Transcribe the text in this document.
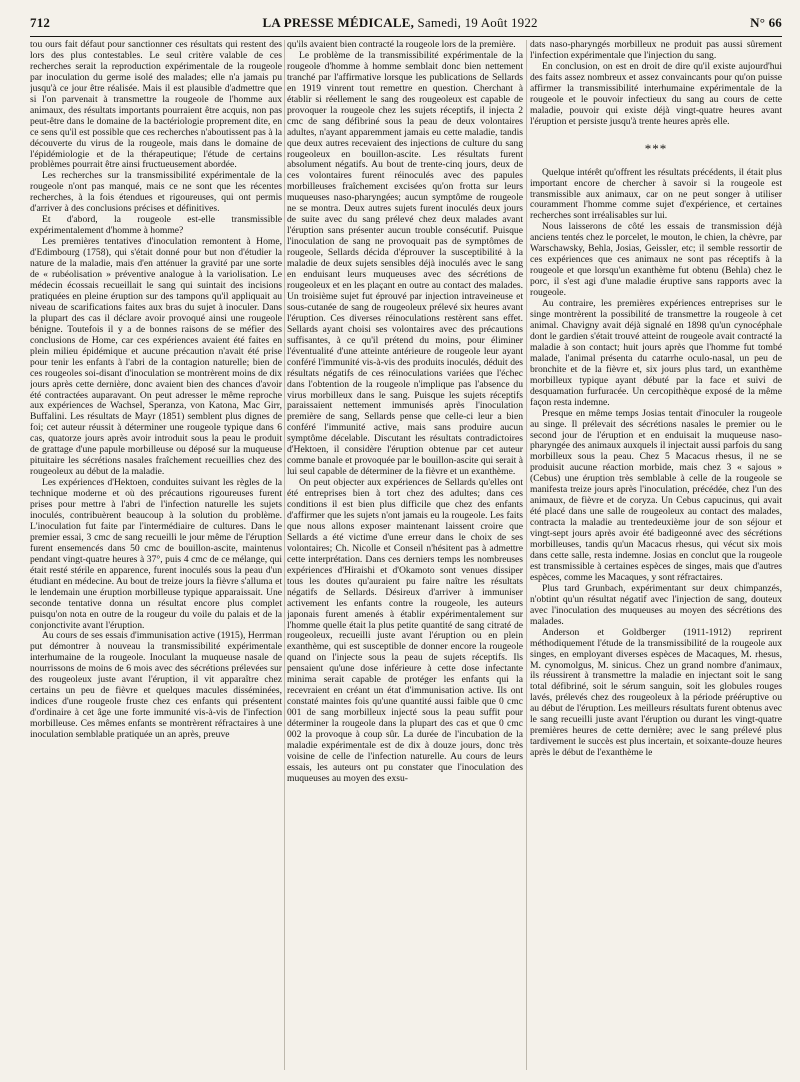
712	LA PRESSE MÉDICALE, Samedi, 19 Août 1922	N° 66

tou ours fait défaut pour sanctionner ces résultats qui restent des lors des plus contestables. Le seul critère valable de ces recherches serait la reproduction expérimentale de la rougeole par inoculation du germe isolé des malades; elle n'a jamais pu jusqu'à ce jour être réalisée. Mais il est plausible d'admettre que si l'on parvenait à transmettre la rougeole de l'homme aux animaux, des résultats importants pourraient être acquis, non pas peut-être dans le domaine de la bactériologie proprement dite, en ce sens qu'il est possible que ces recherches n'aboutissent pas à la découverte du virus de la rougeole, mais dans le domaine de l'épidémiologie et de la thérapeutique; l'étude de certains problèmes pourrait être ainsi fructueusement abordée.

Les recherches sur la transmissibilité expérimentale de la rougeole n'ont pas manqué, mais ce ne sont que les récentes recherches, à la fois étendues et rigoureuses, qui ont permis d'arriver à des conclusions précises et définitives.

Et d'abord, la rougeole est-elle transmissible expérimentalement d'homme à homme?

Les premières tentatives d'inoculation remontent à Home, d'Edimbourg (1758), qui s'était donné pour but non d'étudier la nature de la maladie, mais d'en atténuer la gravité par une sorte de « rubéolisation » préventive analogue à la variolisation. Le médecin écossais recueillait le sang qui suintait des incisions pratiquées en pleine éruption sur des tampons qu'il appliquait au niveau de scarifications faites aux bras du sujet à inoculer. Dans la plupart des cas il déclare avoir provoqué ainsi une rougeole bénigne. Toutefois il y a de bonnes raisons de se méfier des conclusions de Home, car ces expériences avaient été faites en plein milieu épidémique et aucune précaution n'avait été prise pour tenir les enfants à l'abri de la contagion naturelle; bien de ces rougeoles soi-disant d'inoculation se montrèrent moins de dix jours après cette dernière, donc avaient bien des chances d'avoir été contractées auparavant. On peut adresser le même reproche aux expériences de Wachsel, Speranza, von Katona, Mac Girr, Buffalini. Les résultats de Mayr (1851) semblent plus dignes de foi; cet auteur réussit à déterminer une rougeole typique dans 6 cas, quatorze jours après avoir introduit sous la peau le produit de grattage d'une papule morbilleuse ou déposé sur la muqueuse pituitaire les sécrétions nasales fraîchement recueillies chez des rougeoleux au début de la maladie.

Les expériences d'Hektoen, conduites suivant les règles de la technique moderne et où des précautions rigoureuses furent prises pour mettre à l'abri de l'infection naturelle les sujets inoculés, contribuèrent beaucoup à la solution du problème. L'inoculation fut faite par l'intermédiaire de cultures. Dans le premier essai, 3 cmc de sang recueilli le jour même de l'éruption furent ensemencés dans 50 cmc de bouillon-ascite, maintenus pendant vingt-quatre heures à 37°, puis 4 cmc de ce mélange, qui était resté stérile en apparence, furent inoculés sous la peau d'un étudiant en médecine. Au bout de treize jours la fièvre s'alluma et le lendemain une éruption morbilleuse typique apparaissait. Une seconde tentative donna un résultat encore plus complet puisqu'on nota en outre de la rougeur du voile du palais et de la conjonctivite avant l'éruption.

Au cours de ses essais d'immunisation active (1915), Herrman put démontrer à nouveau la transmissibilité expérimentale interhumaine de la rougeole. Inoculant la muqueuse nasale de nourrissons de moins de 6 mois avec des sécrétions prélevées sur des rougeoleux juste avant l'éruption, il vit apparaître chez certains un peu de fièvre et quelques macules disséminées, indices d'une rougeole fruste chez ces enfants qui présentent d'ordinaire à cet âge une forte immunité vis-à-vis de l'infection morbilleuse. Ces mêmes enfants se montrèrent réfractaires à une inoculation semblable pratiquée un an après, preuve

qu'ils avaient bien contracté la rougeole lors de la première.

Le problème de la transmissibilité expérimentale de la rougeole d'homme à homme semblait donc bien nettement tranché par l'affirmative lorsque les publications de Sellards en 1919 vinrent tout remettre en question. Cherchant à établir si réellement le sang des rougeoleux est capable de provoquer la rougeole chez les sujets réceptifs, il injecta 2 cmc de sang défibriné sous la peau de deux volontaires adultes, n'ayant apparemment jamais eu cette maladie, tandis que deux autres recevaient des injections de culture du sang rougeoleux en bouillon-ascite. Les résultats furent absolument négatifs. Au bout de trente-cinq jours, deux de ces volontaires furent réinoculés avec des papules morbilleuses fraîchement excisées qu'on frotta sur leurs muqueuses naso-pharyngées; aucun symptôme de rougeole ne se montra. Deux autres sujets furent inoculés deux jours de suite avec du sang prélevé chez deux malades avant l'éruption sans présenter aucun trouble consécutif. Puisque l'inoculation de sang ne provoquait pas de symptômes de rougeole, Sellards décida d'éprouver la susceptibilité à la maladie de deux sujets sensibles déjà inoculés avec le sang en enduisant leurs muqueuses avec des sécrétions de rougeoleux et en les plaçant en outre au contact des malades. Un troisième sujet fut éprouvé par injection intraveineuse et sous-cutanée de sang de rougeoleux prélevé six heures avant l'éruption. Ces diverses réinoculations restèrent sans effet. Sellards ayant choisi ses volontaires avec des précautions suffisantes, à ce qu'il prétend du moins, pour éliminer l'éventualité d'une atteinte antérieure de rougeole leur ayant conféré l'immunité vis-à-vis des produits inoculés, déduit des résultats négatifs de ces réinoculations variées que l'échec dans l'obtention de la rougeole n'implique pas l'absence du virus morbilleux dans le sang. Puisque les sujets réceptifs paraissaient nettement immunisés après l'inoculation première de sang, Sellards pense que celle-ci leur a bien conféré l'immunité active, mais sans produire aucun symptôme décelable. Discutant les résultats contradictoires d'Hektoen, il considère l'éruption obtenue par cet auteur comme banale et provoquée par le bouillon-ascite qui serait à lui seul capable de déterminer de la fièvre et un exanthème.

On peut objecter aux expériences de Sellards qu'elles ont été entreprises bien à tort chez des adultes; dans ces conditions il est bien plus difficile que chez des enfants d'affirmer que les sujets n'ont jamais eu la rougeole. Les faits que nous allons exposer maintenant laissent croire que Sellards a été victime d'une erreur dans le choix de ses volontaires; Ch. Nicolle et Conseil n'hésitent pas à admettre cette interprétation. Dans ces derniers temps les nombreuses expériences d'Hiraishi et d'Okamoto sont venues dissiper tous les doutes qu'auraient pu faire naître les résultats négatifs de Sellards. Désireux d'arriver à immuniser activement les enfants contre la rougeole, les auteurs japonais furent amenés à établir expérimentalement sur l'homme quelle était la plus petite quantité de sang citraté de rougeoleux, recueilli juste avant l'éruption ou en plein exanthème, qui est susceptible de donner encore la rougeole quand on l'injecte sous la peau de sujets réceptifs. Ils pensaient qu'une dose inférieure à cette dose infectante minima serait capable de protéger les enfants qui la recevraient en créant un état d'immunisation active. Ils ont constaté maintes fois qu'une quantité aussi faible que 0 cmc 001 de sang morbilleux injecté sous la peau suffit pour déterminer la rougeole dans la plupart des cas et que 0 cmc 002 la provoque à coup sûr. La durée de l'incubation de la maladie expérimentale est de dix à douze jours, donc très voisine de celle de l'infection naturelle. Au cours de leurs essais, les auteurs ont pu constater que l'inoculation des muqueuses au moyen des exsu-

dats naso-pharyngés morbilleux ne produit pas aussi sûrement l'infection expérimentale que l'injection du sang.

En conclusion, on est en droit de dire qu'il existe aujourd'hui des faits assez nombreux et assez convaincants pour qu'on puisse affirmer la transmissibilité interhumaine expérimentale de la rougeole et le pouvoir infectieux du sang au cours de cette maladie, pouvoir qui existe déjà vingt-quatre heures avant l'éruption et persiste jusqu'à trente heures après elle.

***

Quelque intérêt qu'offrent les résultats précédents, il était plus important encore de chercher à savoir si la rougeole est transmissible aux animaux, car on ne peut songer à utiliser couramment l'homme comme sujet d'expérience, et certaines recherches sont irréalisables sur lui.

Nous laisserons de côté les essais de transmission déjà anciens tentés chez le porcelet, le mouton, le chien, la chèvre, par Warschawsky, Behla, Josias, Geissler, etc; il semble ressortir de ces expériences que ces animaux ne sont pas réceptifs à la rougeole et que lorsqu'un exanthème fut obtenu (Behla) chez le porc, il s'est agi d'une maladie éruptive sans rapports avec la rougeole.

Au contraire, les premières expériences entreprises sur le singe montrèrent la possibilité de transmettre la rougeole à cet animal. Chavigny avait déjà signalé en 1898 qu'un cynocéphale dont le gardien s'était trouvé atteint de rougeole avait contracté la maladie à son contact; huit jours après que l'homme fut tombé malade, l'animal présenta du catarrhe oculo-nasal, un peu de bronchite et de la fièvre et, six jours plus tard, un exanthème morbilleux typique ayant débuté par la face et suivi de desquamation furfuracée. Un cercopithèque exposé de la même façon resta indemne.

Presque en même temps Josias tentait d'inoculer la rougeole au singe. Il prélevait des sécrétions nasales le premier ou le second jour de l'éruption et en enduisait la muqueuse naso-pharyngée des animaux auxquels il injectait aussi parfois du sang morbilleux sous la peau. Chez 5 Macacus rhesus, il ne se produisit aucune réaction morbide, mais chez 3 « sajous » (Cebus) une éruption très semblable à celle de la rougeole se manifesta treize jours après l'inoculation, précédée, chez l'un des animaux, de fièvre et de coryza. Un Cebus capucinus, qui avait été placé dans une salle de rougeoleux au contact des malades, contracta la maladie au trentedeuxième jour de son séjour et vingt-sept jours après avoir été badigeonné avec des sécrétions morbilleuses, tandis qu'un Macacus rhesus, qui vécut six mois dans cette salle, resta indemne. Josias en conclut que la rougeole est transmissible à certaines espèces de singes, mais que d'autres espèces, comme les Macaques, y sont réfractaires.

Plus tard Grunbach, expérimentant sur deux chimpanzés, n'obtint qu'un résultat négatif avec l'injection de sang, douteux avec l'inoculation des muqueuses au moyen des sécrétions des malades.

Anderson et Goldberger (1911-1912) reprirent méthodiquement l'étude de la transmissibilité de la rougeole aux singes, en employant diverses espèces de Macaques, M. rhesus, M. cynomolgus, M. sinicus. Chez un grand nombre d'animaux, ils réussirent à transmettre la maladie en injectant soit le sang total défibriné, soit le sérum sanguin, soit les globules rouges lavés, prélevés chez des rougeoleux à la période prééruptive ou au début de l'éruption. Les meilleurs résultats furent obtenus avec le sang recueilli juste avant l'éruption ou durant les vingt-quatre premières heures de cette dernière; avec le sang prélevé plus tardivement le succès est plus incertain, et soixante-douze heures après le début de l'exanthème le
